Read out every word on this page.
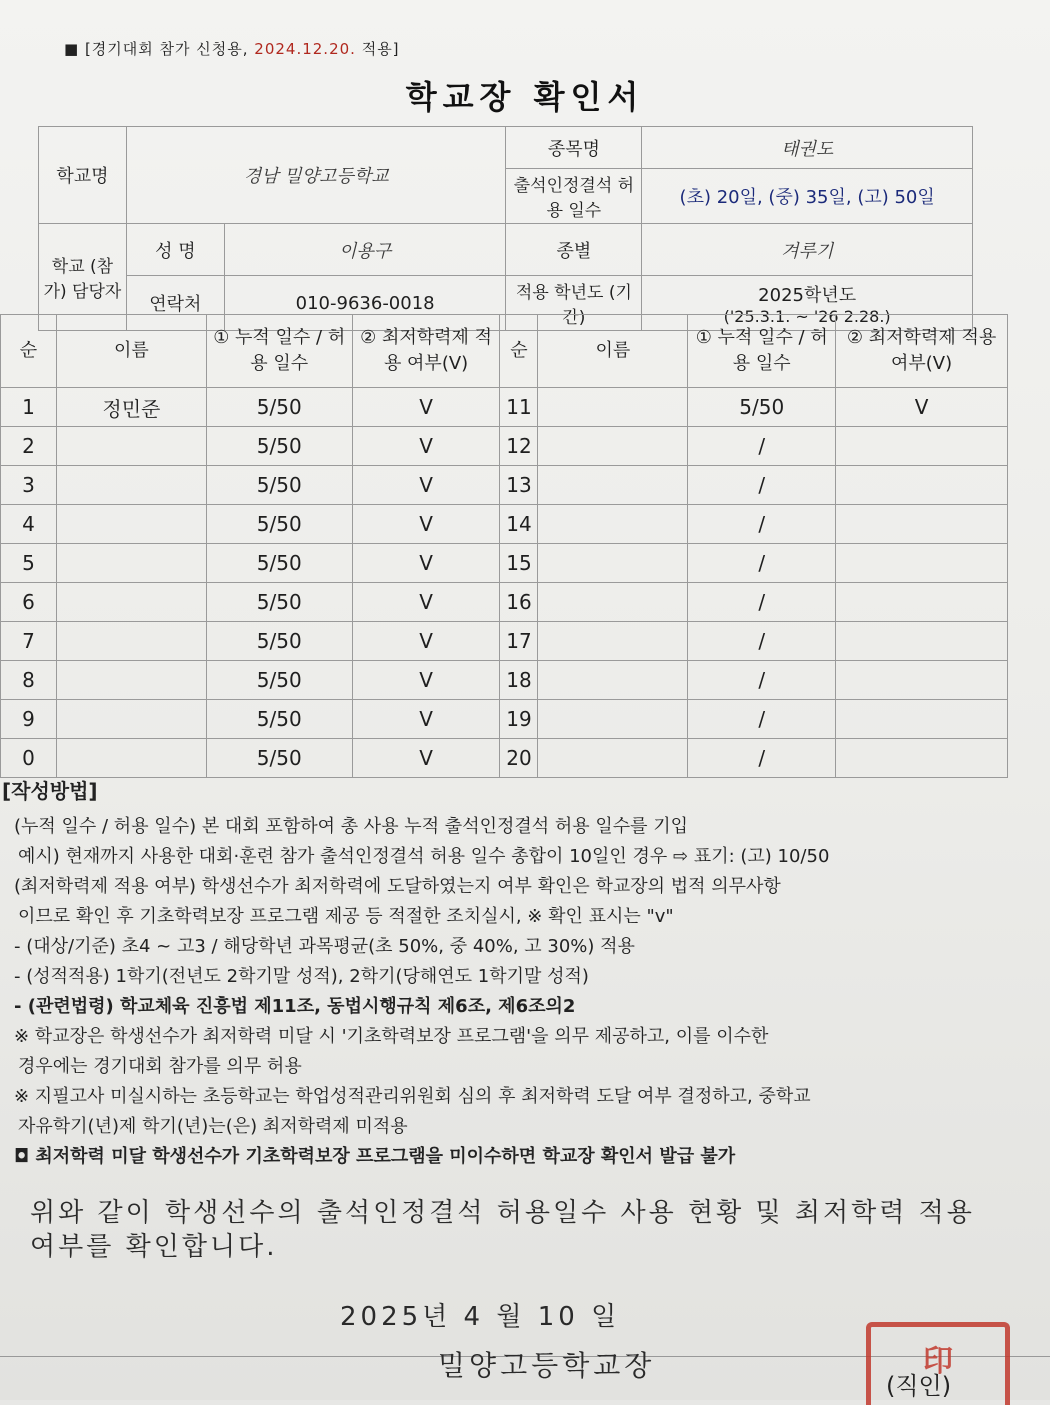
■ [경기대회 참가 신청용, 2024.12.20. 적용]
학교장 확인서
학교명	경남 밀양고등학교		종목명	태권도
			출석인정결석 허용 일수	(초) 20일, (중) 35일, (고) 50일
학교 (참가) 담당자	성 명	이용구	종별	겨루기
	연락처	010-9636-0018	적용 학년도 (기간)	2025학년도
('25.3.1. ~ '26 2.28.)
순	이름	① 누적 일수 / 허용 일수	② 최저학력제 적용 여부(V)	순	이름	① 누적 일수 / 허용 일수	② 최저학력제 적용 여부(V)
1	정민준	5/50	V	11		5/50	V
2		5/50	V	12		/	
3		5/50	V	13		/	
4		5/50	V	14		/	
5		5/50	V	15		/	
6		5/50	V	16		/	
7		5/50	V	17		/	
8		5/50	V	18		/	
9		5/50	V	19		/	
0		5/50	V	20		/	
[작성방법]
(누적 일수 / 허용 일수) 본 대회 포함하여 총 사용 누적 출석인정결석 허용 일수를 기입
예시) 현재까지 사용한 대회·훈련 참가 출석인정결석 허용 일수 총합이 10일인 경우 ⇨ 표기: (고) 10/50
(최저학력제 적용 여부) 학생선수가 최저학력에 도달하였는지 여부 확인은 학교장의 법적 의무사항
이므로 확인 후 기초학력보장 프로그램 제공 등 적절한 조치실시, ※ 확인 표시는 "v"
- (대상/기준) 초4 ~ 고3 / 해당학년 과목평균(초 50%, 중 40%, 고 30%) 적용
- (성적적용) 1학기(전년도 2학기말 성적), 2학기(당해연도 1학기말 성적)
- (관련법령) 학교체육 진흥법 제11조, 동법시행규칙 제6조, 제6조의2
※ 학교장은 학생선수가 최저학력 미달 시 '기초학력보장 프로그램'을 의무 제공하고, 이를 이수한
경우에는 경기대회 참가를 의무 허용
※ 지필고사 미실시하는 초등학교는 학업성적관리위원회 심의 후 최저학력 도달 여부 결정하고, 중학교
자유학기(년)제 학기(년)는(은) 최저학력제 미적용
◘ 최저학력 미달 학생선수가 기초학력보장 프로그램을 미이수하면 학교장 확인서 발급 불가
위와 같이 학생선수의 출석인정결석 허용일수 사용 현황 및 최저학력 적용 여부를 확인합니다.
2025년 4 월 10 일
밀양고등학교장	印
(직인)
